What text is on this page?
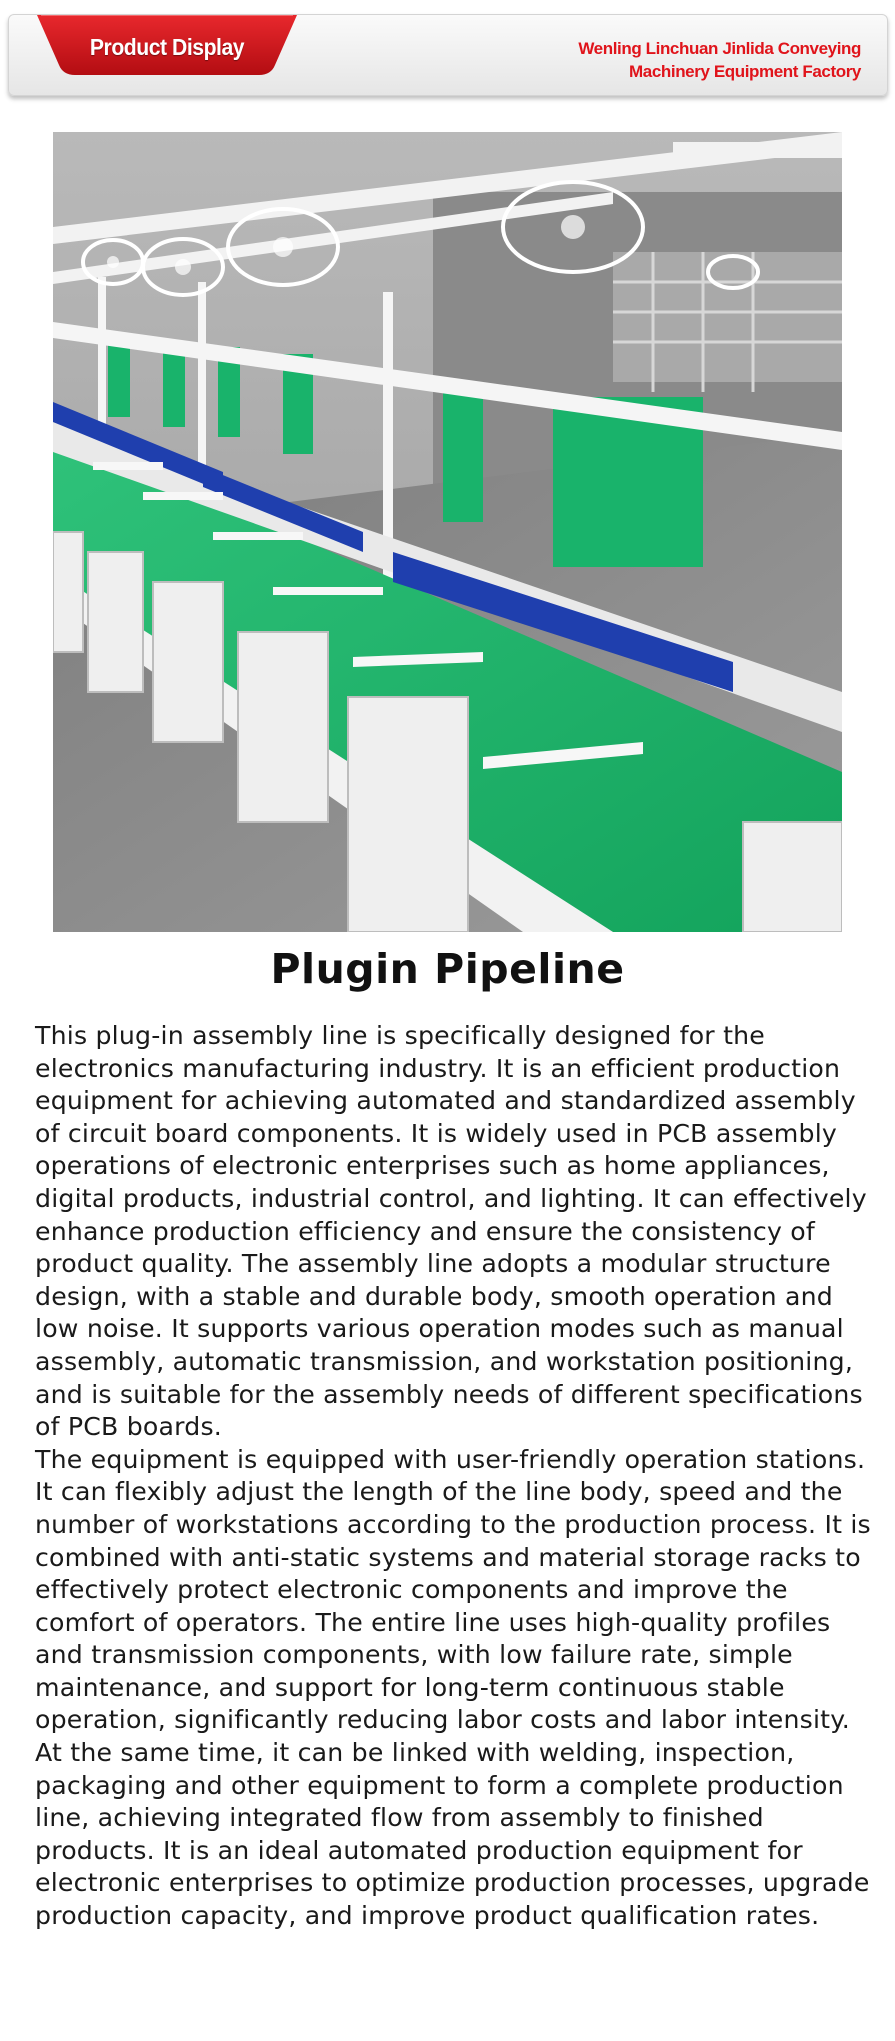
Product Display	Wenling Linchuan Jinlida Conveying
Machinery Equipment Factory
Plugin Pipeline

This plug-in assembly line is specifically designed for the electronics manufacturing industry. It is an efficient production equipment for achieving automated and standardized assembly of circuit board components. It is widely used in PCB assembly operations of electronic enterprises such as home appliances, digital products, industrial control, and lighting. It can effectively enhance production efficiency and ensure the consistency of product quality. The assembly line adopts a modular structure design, with a stable and durable body, smooth operation and low noise. It supports various operation modes such as manual assembly, automatic transmission, and workstation positioning, and is suitable for the assembly needs of different specifications of PCB boards.

The equipment is equipped with user-friendly operation stations. It can flexibly adjust the length of the line body, speed and the number of workstations according to the production process. It is combined with anti-static systems and material storage racks to effectively protect electronic components and improve the comfort of operators. The entire line uses high-quality profiles and transmission components, with low failure rate, simple maintenance, and support for long-term continuous stable operation, significantly reducing labor costs and labor intensity.

At the same time, it can be linked with welding, inspection, packaging and other equipment to form a complete production line, achieving integrated flow from assembly to finished products. It is an ideal automated production equipment for electronic enterprises to optimize production processes, upgrade production capacity, and improve product qualification rates.
